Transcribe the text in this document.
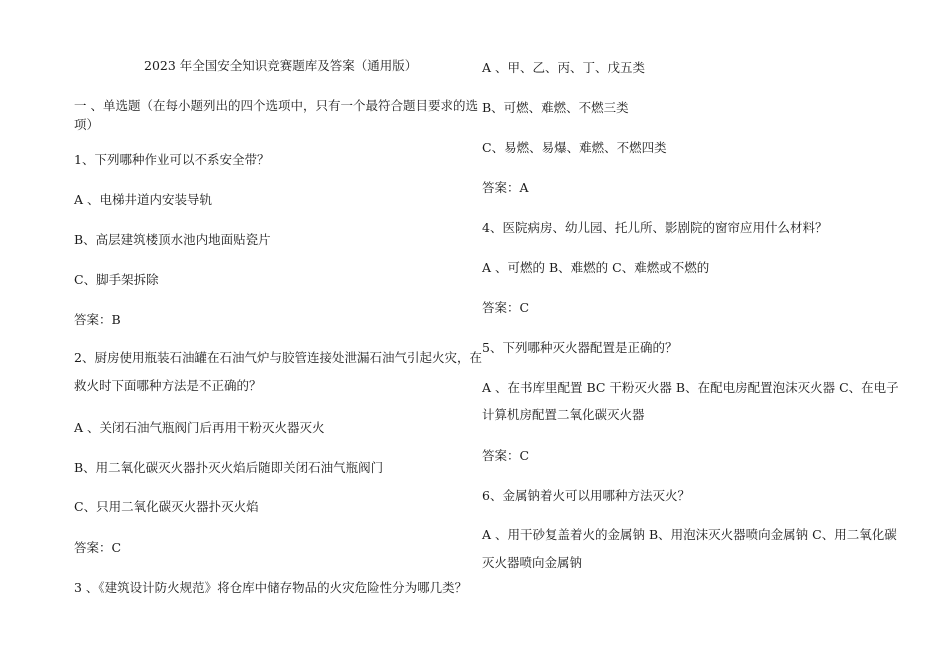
2023 年全国安全知识竞赛题库及答案（通用版）
一 、单选题（在每小题列出的四个选项中，只有一个最符合题目要求的选
项）
1、下列哪种作业可以不系安全带？
A 、电梯井道内安装导轨
B、高层建筑楼顶水池内地面贴瓷片
C、脚手架拆除
答案：B
2、厨房使用瓶装石油罐在石油气炉与胶管连接处泄漏石油气引起火灾，在
救火时下面哪种方法是不正确的？
A 、关闭石油气瓶阀门后再用干粉灭火器灭火
B、用二氧化碳灭火器扑灭火焰后随即关闭石油气瓶阀门
C、只用二氧化碳灭火器扑灭火焰
答案：C
3 、《建筑设计防火规范》将仓库中储存物品的火灾危险性分为哪几类？
A 、甲、乙、丙、丁、戊五类
B、可燃、难燃、不燃三类
C、易燃、易爆、难燃、不燃四类
答案：A
4、医院病房、幼儿园、托儿所、影剧院的窗帘应用什么材料？
A 、可燃的 B、难燃的 C、难燃或不燃的
答案：C
5、下列哪种灭火器配置是正确的？
A 、在书库里配置 BC 干粉灭火器 B、在配电房配置泡沫灭火器 C、在电子
计算机房配置二氧化碳灭火器
答案：C
6、金属钠着火可以用哪种方法灭火？
A 、用干砂复盖着火的金属钠 B、用泡沫灭火器喷向金属钠 C、用二氧化碳
灭火器喷向金属钠
